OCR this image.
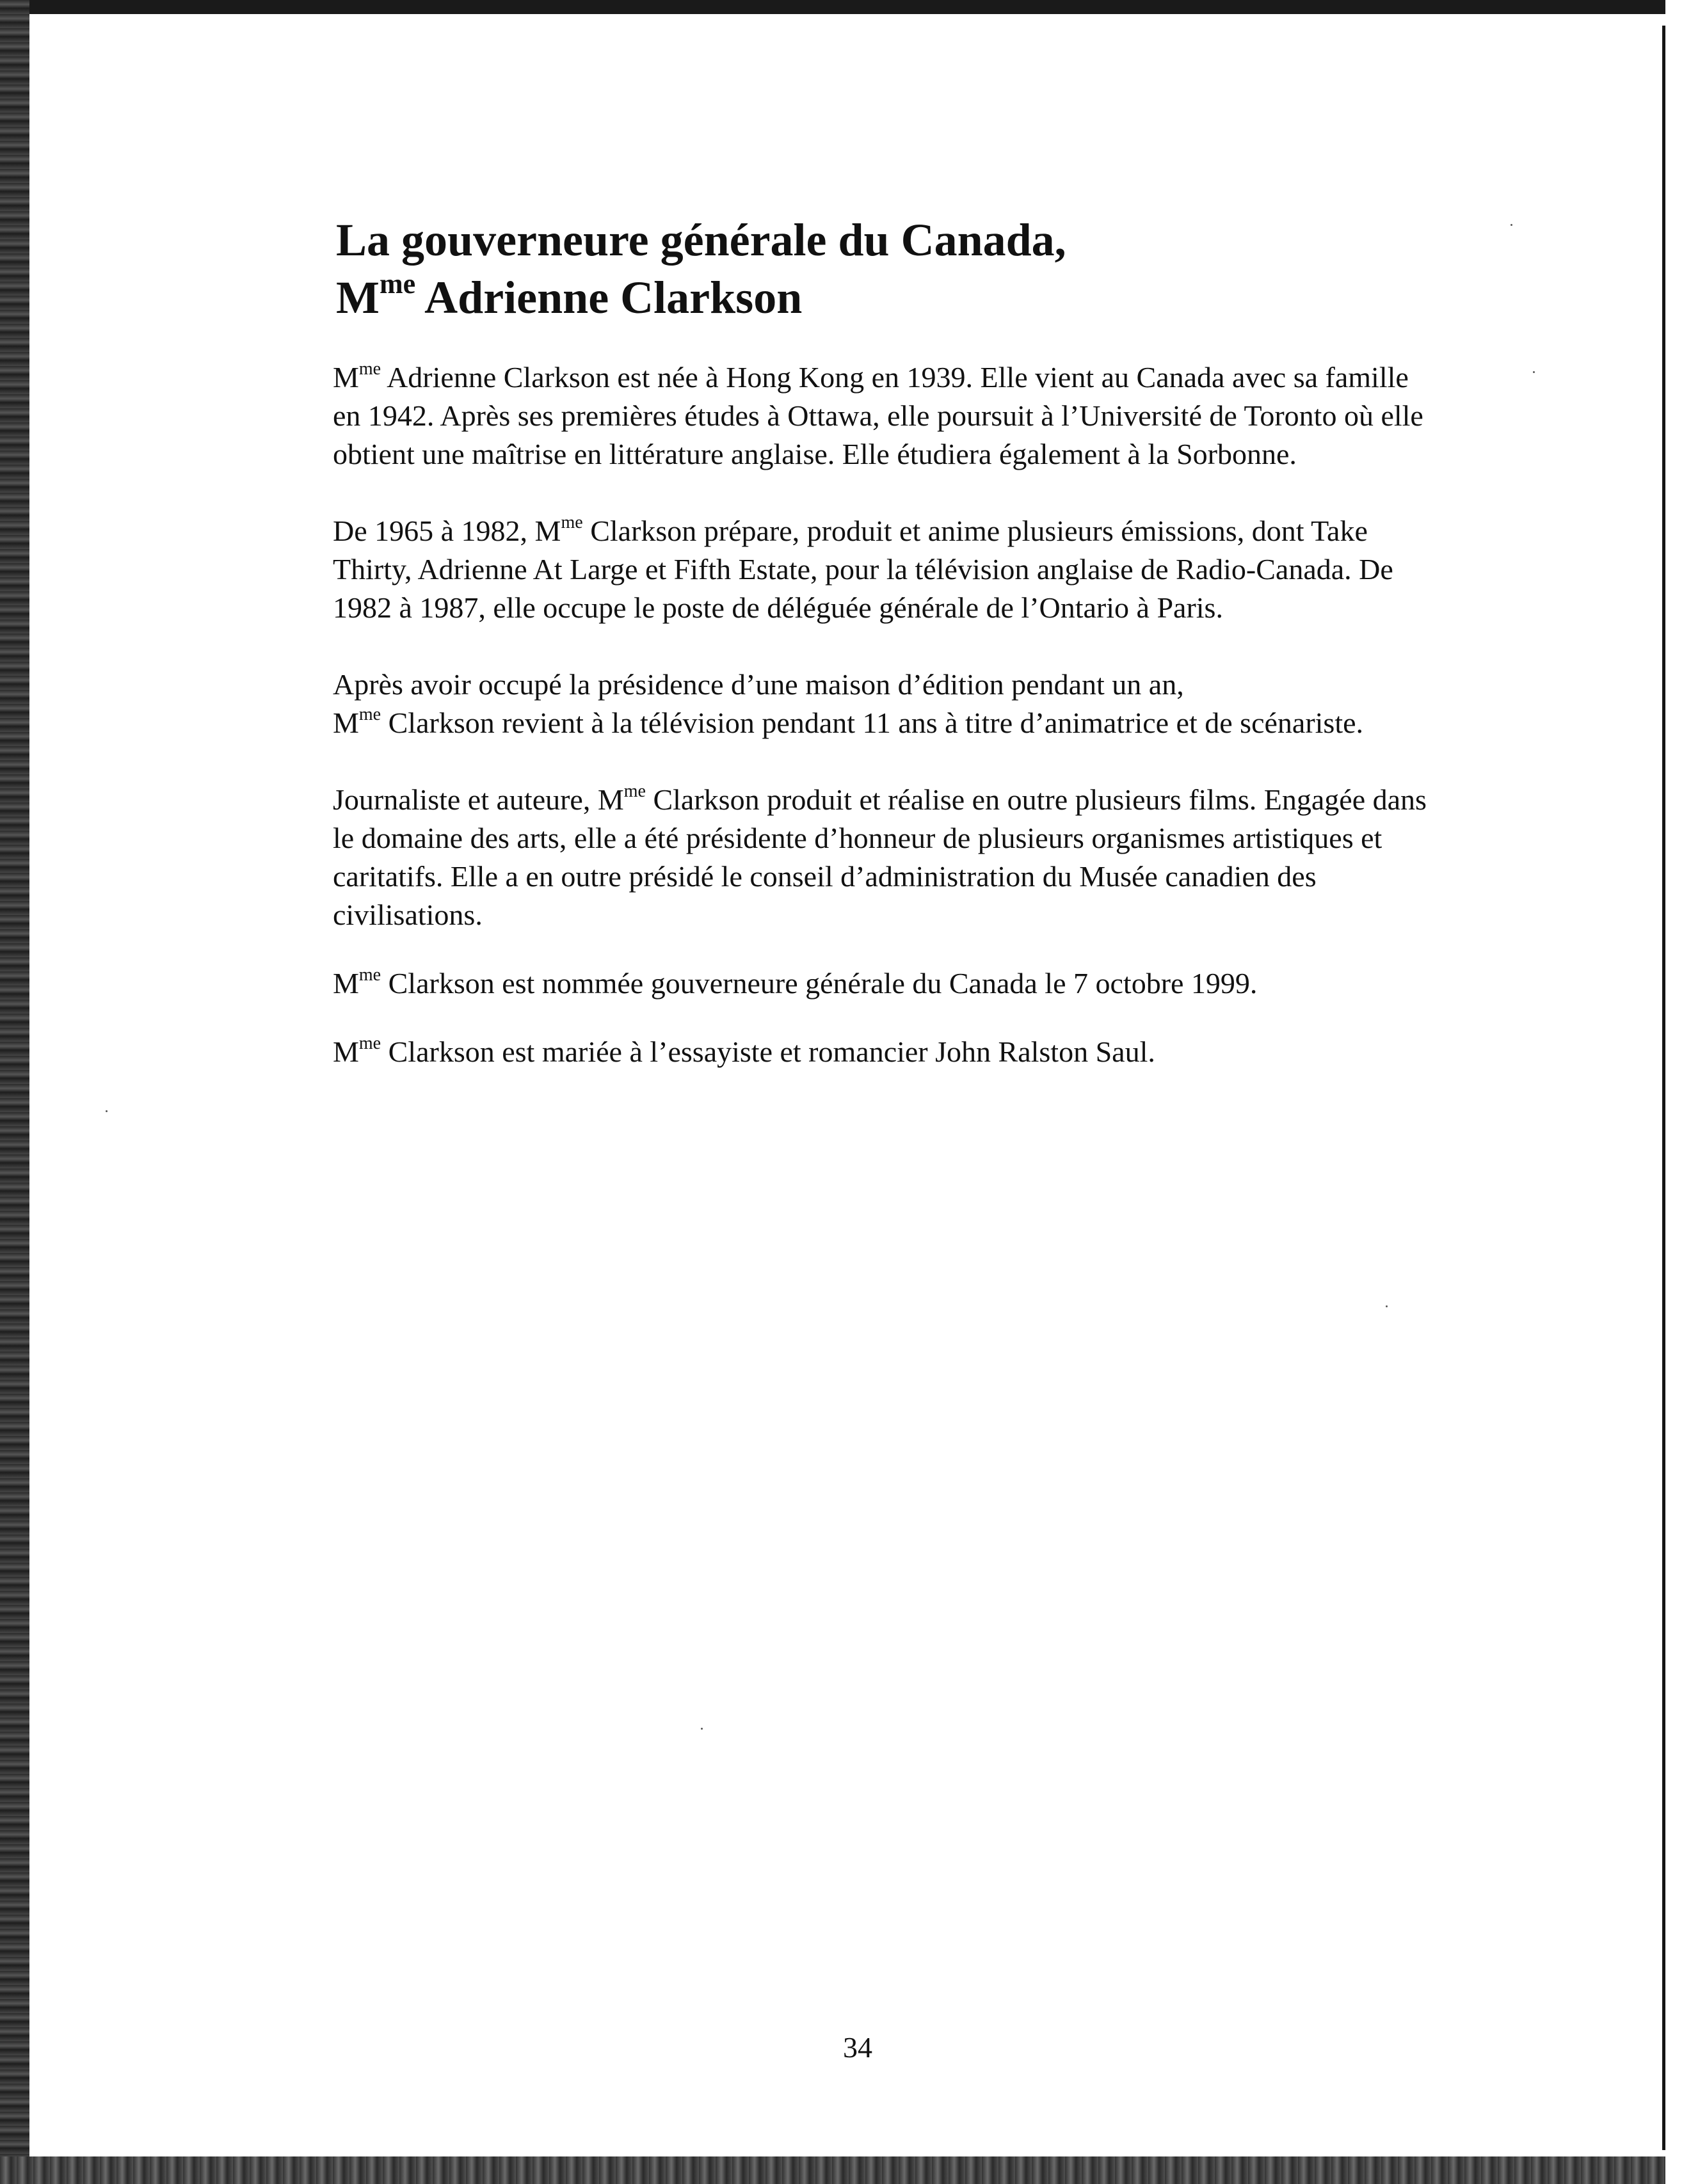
La gouverneure générale du Canada,
$M^{me}$ Adrienne Clarkson

$M^{me}$ Adrienne Clarkson est née à Hong Kong en 1939. Elle vient au Canada avec sa famille en 1942. Après ses premières études à Ottawa, elle poursuit à l’Université de Toronto où elle obtient une maîtrise en littérature anglaise. Elle étudiera également à la Sorbonne.

De 1965 à 1982, $M^{me}$ Clarkson prépare, produit et anime plusieurs émissions, dont Take Thirty, Adrienne At Large et Fifth Estate, pour la télévision anglaise de Radio-Canada. De 1982 à 1987, elle occupe le poste de déléguée générale de l’Ontario à Paris.

Après avoir occupé la présidence d’une maison d’édition pendant un an,
$M^{me}$ Clarkson revient à la télévision pendant 11 ans à titre d’animatrice et de scénariste.

Journaliste et auteure, $M^{me}$ Clarkson produit et réalise en outre plusieurs films. Engagée dans le domaine des arts, elle a été présidente d’honneur de plusieurs organismes artistiques et caritatifs. Elle a en outre présidé le conseil d’administration du Musée canadien des civilisations.

$M^{me}$ Clarkson est nommée gouverneure générale du Canada le 7 octobre 1999.

$M^{me}$ Clarkson est mariée à l’essayiste et romancier John Ralston Saul.

34
